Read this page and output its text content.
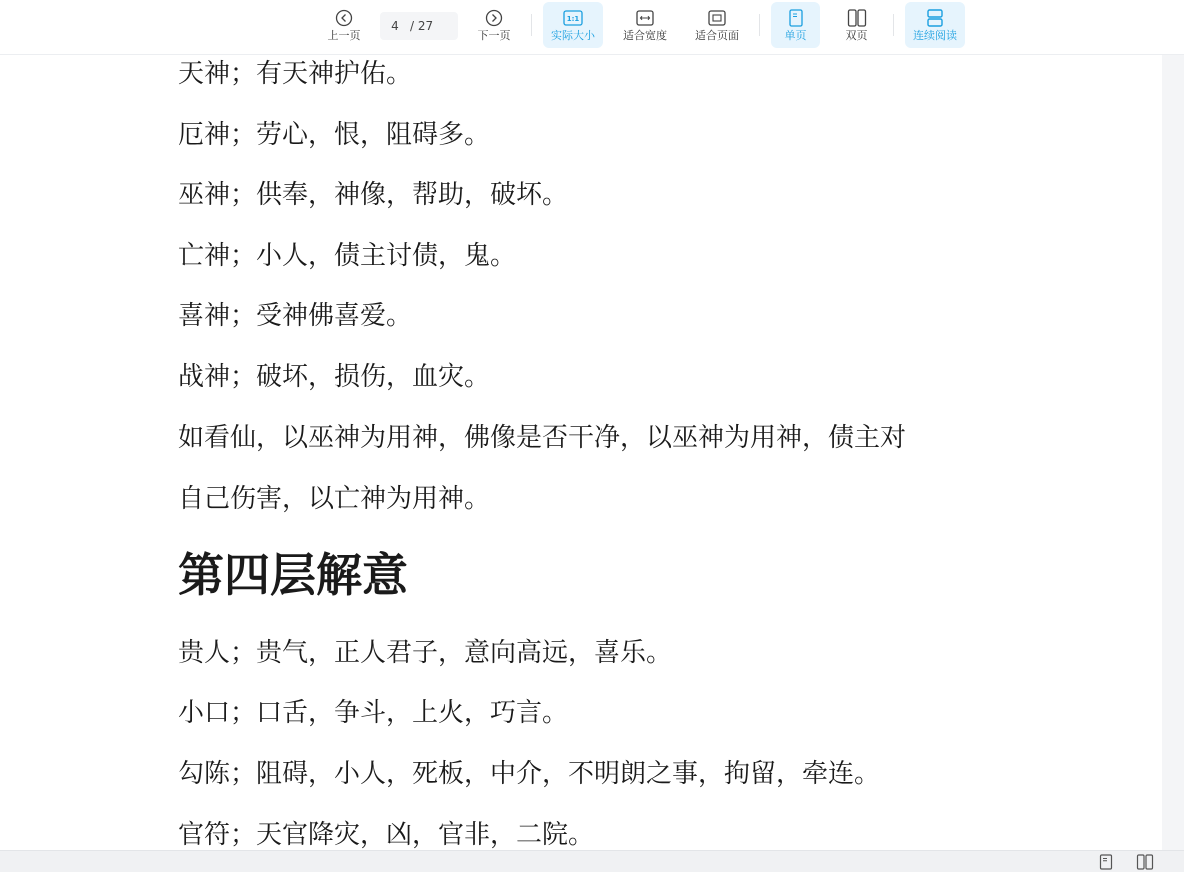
上一页
4
/ 27
下一页
1:1
实际大小	适合宽度	适合页面	单页	双页	连续阅读
天神；有天神护佑。
厄神；劳心，恨，阻碍多。
巫神；供奉，神像，帮助，破坏。
亡神；小人，债主讨债，鬼。
喜神；受神佛喜爱。
战神；破坏，损伤，血灾。
如看仙，以巫神为用神，佛像是否干净，以巫神为用神，债主对
自己伤害，以亡神为用神。
第四层解意
贵人；贵气，正人君子，意向高远，喜乐。
小口；口舌，争斗，上火，巧言。
勾陈；阻碍，小人，死板，中介，不明朗之事，拘留，牵连。
官符；天官降灾，凶，官非，二院。
